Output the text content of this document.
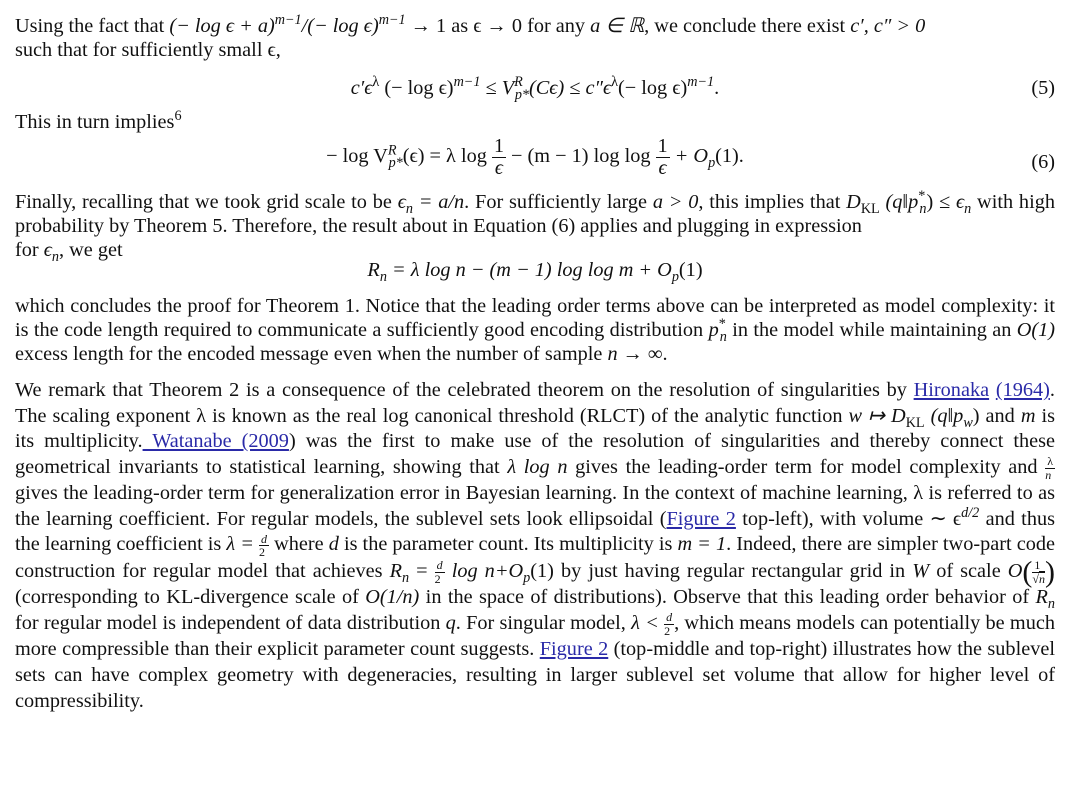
Using the fact that (− $\log \epsilon + a)^{m-1}/(- \log \epsilon)^{m-1} \to 1$ as ϵ → 0 for any a ∈ ℝ, we conclude there exist c′, c″ > 0
such that for sufficiently small ϵ,

$c'\epsilon^\lambda$ (− $\log \epsilon)^{m-1} \le V^R_{p*}(C\epsilon) \le c''\epsilon^\lambda(- \log \epsilon)^{m-1}$.	(5)

This in turn implies$^6$

− $\log V^R_{p*}(\epsilon) = \lambda$ $\log \frac{1}{\epsilon} - (m - 1)$ $\log \log \frac{1}{\epsilon} + O_p(1)$.	(6)

Finally, recalling that we took grid scale to be $\epsilon_n = a/n$. For sufficiently large a > 0, this implies that $D_{KL}$ $(q‖p^*_n) \le \epsilon_n$ with high probability by Theorem 5. Therefore, the result about in Equation (6) applies and plugging in expression
for $\epsilon_n$, we get

$R_n = \lambda$ log n − (m − 1) $\log \log m + O_p(1)$

which concludes the proof for Theorem 1. Notice that the leading order terms above can be interpreted as model complexity: it is the code length required to communicate a sufficiently good encoding distribution $p^*_n$ in the model while maintaining an O(1) excess length for the encoded message even when the number of sample n → ∞.

We remark that Theorem 2 is a consequence of the celebrated theorem on the resolution of singularities by Hironaka (1964). The scaling exponent λ is known as the real log canonical threshold (RLCT) of the analytic function w ↦ $D_{KL}$ $(q‖p_w)$ and m is its multiplicity. Watanabe (2009) was the first to make use of the resolution of singularities and thereby connect these geometrical invariants to statistical learning, showing that λ log n gives the leading-order term for model complexity and $\frac{\lambda}{n}$
gives the leading-order term for generalization error in Bayesian learning. In the context of machine learning, λ is referred to as the learning coefficient. For regular models, the sublevel sets look ellipsoidal (Figure 2 top-left), with volume ∼ $\epsilon^{d/2}$ and thus the learning coefficient is $\lambda = \frac{d}{2}$ where d is the parameter count. Its multiplicity is m = 1. Indeed, there are simpler two-part code construction for regular model that achieves $R_n = \frac{d}{2}$ $\log n+O_p(1)$ by just having regular rectangular grid in W of scale $O( \frac{1}{√n}$ ) (corresponding to KL-divergence scale of O(1/n) in the space of distributions). Observe that this leading order behavior of $R_n$ for regular model is independent of data distribution q. For singular model, $\lambda < \frac{d}{2}$ , which means models can potentially be much more compressible than their explicit parameter count suggests. Figure 2 (top-middle and top-right) illustrates how the sublevel sets can have complex geometry with degeneracies, resulting in larger sublevel set volume that allow for higher level of compressibility.
